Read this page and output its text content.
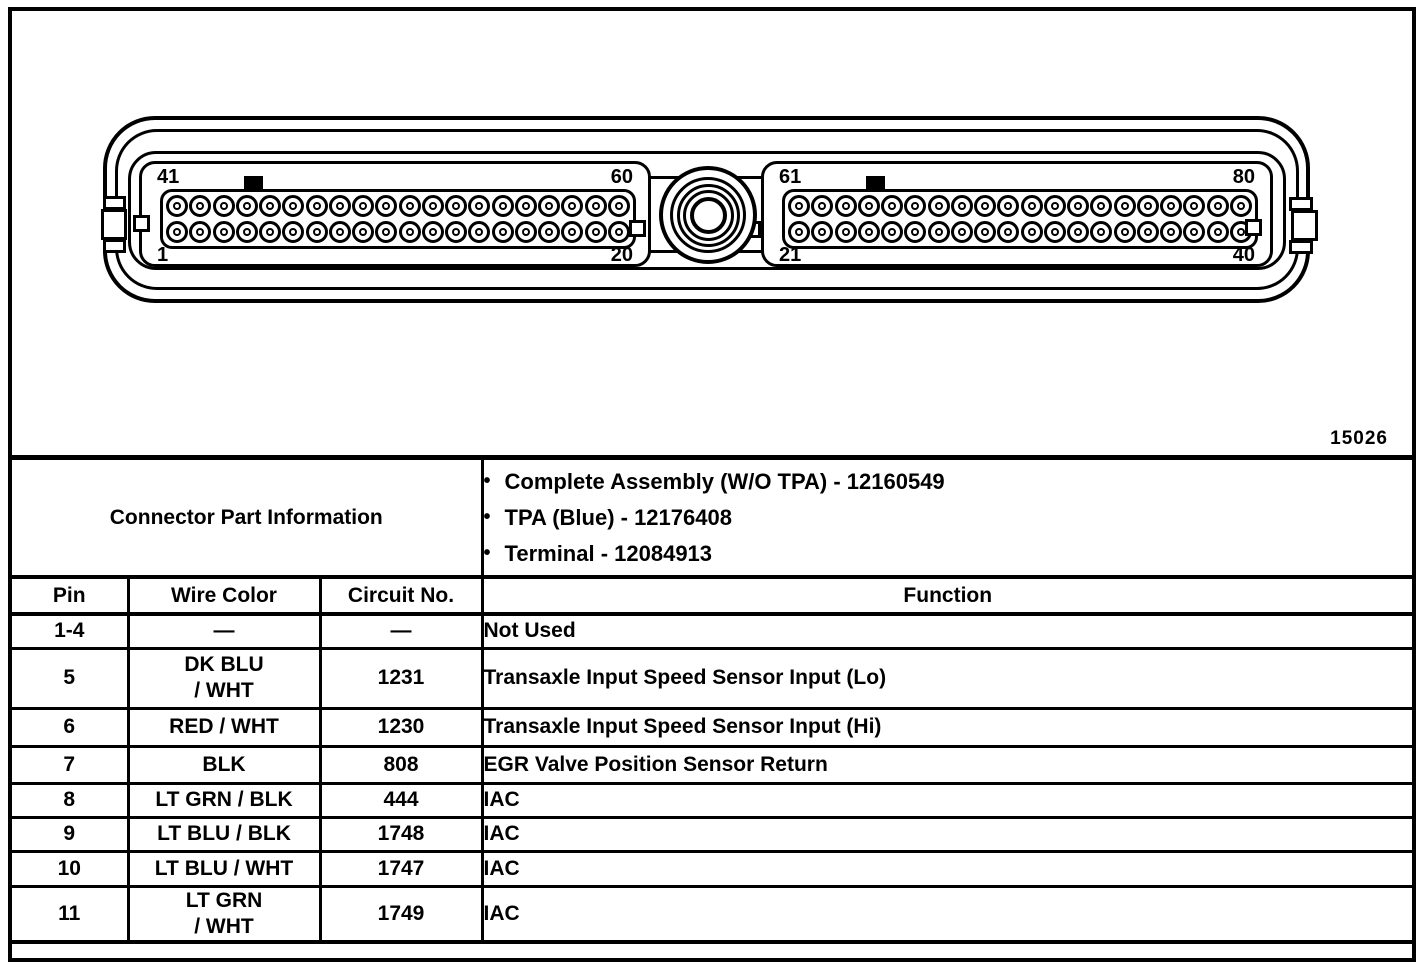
41	60
1	20
61	80
21	40
15026
Connector Part Information	
• Complete Assembly (W/O TPA) - 12160549
• TPA (Blue) - 12176408
• Terminal - 12084913

Pin	Wire Color	Circuit No.	Function
1-4	—	—	Not Used
5	DK BLU
/ WHT	1231	Transaxle Input Speed Sensor Input (Lo)
6	RED / WHT	1230	Transaxle Input Speed Sensor Input (Hi)
7	BLK	808	EGR Valve Position Sensor Return
8	LT GRN / BLK	444	IAC
9	LT BLU / BLK	1748	IAC
10	LT BLU / WHT	1747	IAC
11	LT GRN
/ WHT	1749	IAC
